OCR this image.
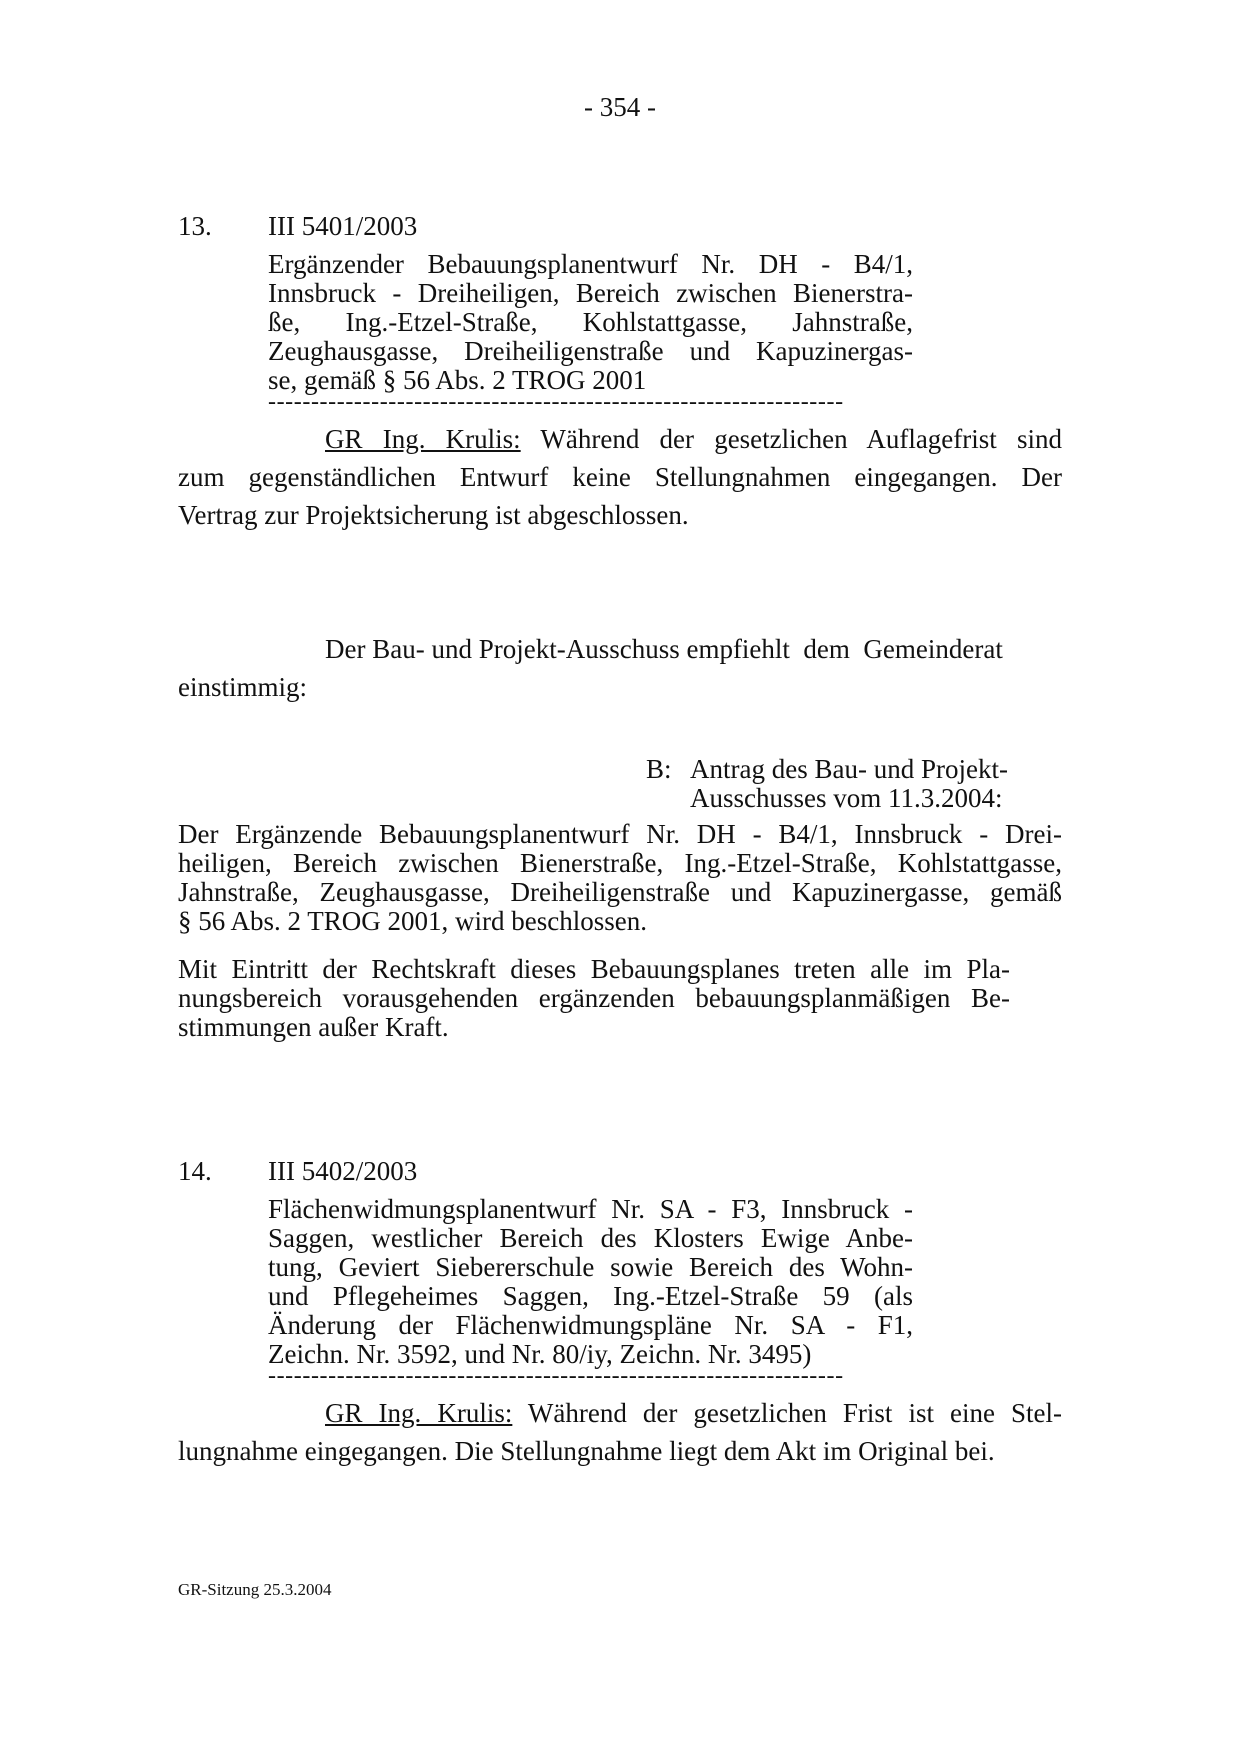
- 354 -
13. III 5401/2003
Ergänzender Bebauungsplanentwurf Nr. DH - B4/1,
Innsbruck - Dreiheiligen, Bereich zwischen Bienerstra-
ße, Ing.-Etzel-Straße, Kohlstattgasse, Jahnstraße,
Zeughausgasse, Dreiheiligenstraße und Kapuzinergas-
se, gemäß § 56 Abs. 2 TROG 2001
-------------------------------------------------------------------
GR Ing. Krulis: Während der gesetzlichen Auflagefrist sind
zum gegenständlichen Entwurf keine Stellungnahmen eingegangen. Der
Vertrag zur Projektsicherung ist abgeschlossen.
Der Bau- und Projekt-Ausschuss empfiehlt  dem  Gemeinderat
einstimmig:
B: Antrag des Bau- und Projekt-
Ausschusses vom 11.3.2004:
Der Ergänzende Bebauungsplanentwurf Nr. DH - B4/1, Innsbruck - Drei-
heiligen, Bereich zwischen Bienerstraße, Ing.-Etzel-Straße, Kohlstattgasse,
Jahnstraße, Zeughausgasse, Dreiheiligenstraße und Kapuzinergasse, gemäß
§ 56 Abs. 2 TROG 2001, wird beschlossen.
Mit Eintritt der Rechtskraft dieses Bebauungsplanes treten alle im Pla-
nungsbereich vorausgehenden ergänzenden bebauungsplanmäßigen Be-
stimmungen außer Kraft.
14. III 5402/2003
Flächenwidmungsplanentwurf Nr. SA - F3, Innsbruck -
Saggen, westlicher Bereich des Klosters Ewige Anbe-
tung, Geviert Siebererschule sowie Bereich des Wohn-
und Pflegeheimes Saggen, Ing.-Etzel-Straße 59 (als
Änderung der Flächenwidmungspläne Nr. SA - F1,
Zeichn. Nr. 3592, und Nr. 80/iy, Zeichn. Nr. 3495)
-------------------------------------------------------------------
GR Ing. Krulis: Während der gesetzlichen Frist ist eine Stel-
lungnahme eingegangen. Die Stellungnahme liegt dem Akt im Original bei.
GR-Sitzung 25.3.2004
